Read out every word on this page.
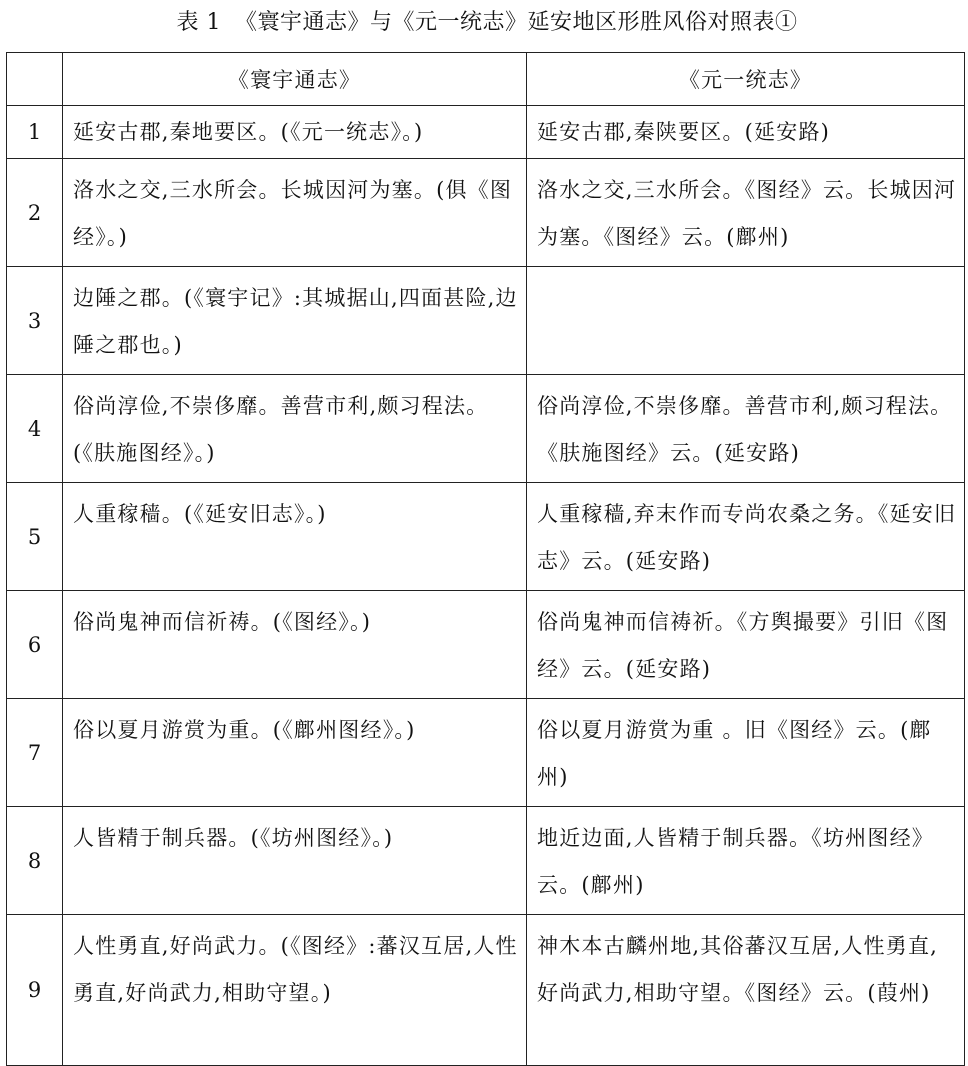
表 1 《寰宇通志》与《元一统志》延安地区形胜风俗对照表①
	《寰宇通志》	《元一统志》
1	延安古郡,秦地要区。(《元一统志》。)	延安古郡,秦陕要区。(延安路)
2	洛水之交,三水所会。长城因河为塞。(俱《图经》。)	洛水之交,三水所会。《图经》云。长城因河为塞。《图经》云。(鄜州)
3	边陲之郡。(《寰宇记》:其城据山,四面甚险,边陲之郡也。)	
4	俗尚淳俭,不崇侈靡。善营市利,颇习程法。(《肤施图经》。)	俗尚淳俭,不崇侈靡。善营市利,颇习程法。《肤施图经》云。(延安路)
5	人重稼穑。(《延安旧志》。)	人重稼穑,弃末作而专尚农桑之务。《延安旧志》云。(延安路)
6	俗尚鬼神而信祈祷。(《图经》。)	俗尚鬼神而信祷祈。《方舆撮要》引旧《图经》云。(延安路)
7	俗以夏月游赏为重。(《鄜州图经》。)	俗以夏月游赏为重 。旧《图经》云。(鄜州)
8	人皆精于制兵器。(《坊州图经》。)	地近边面,人皆精于制兵器。《坊州图经》云。(鄜州)
9	人性勇直,好尚武力。(《图经》:蕃汉互居,人性勇直,好尚武力,相助守望。)	神木本古麟州地,其俗蕃汉互居,人性勇直,好尚武力,相助守望。《图经》云。(葭州)
